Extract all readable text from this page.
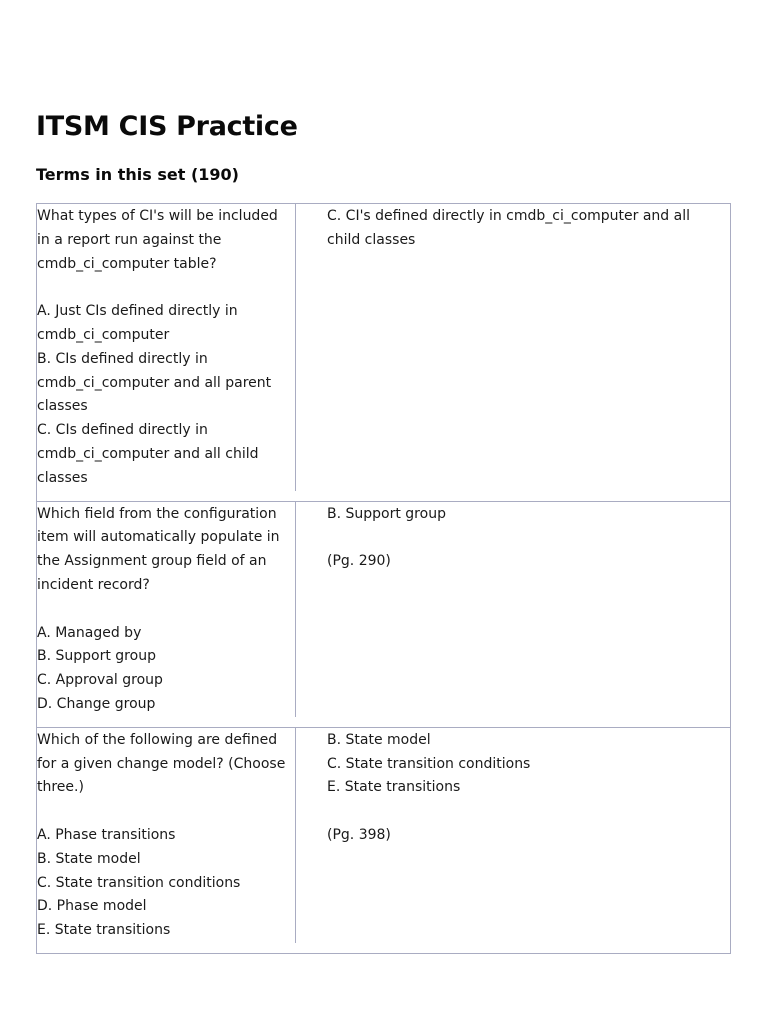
ITSM CIS Practice
Terms in this set (190)
What types of CI's will be included in a report run against the cmdb_ci_computer table?

A. Just CIs defined directly in cmdb_ci_computer
B. CIs defined directly in cmdb_ci_computer and all parent classes
C. CIs defined directly in cmdb_ci_computer and all child classes
C. CI's defined directly in cmdb_ci_computer and all child classes
Which field from the configuration item will automatically populate in the Assignment group field of an incident record?

A. Managed by
B. Support group
C. Approval group
D. Change group
B. Support group

(Pg. 290)
Which of the following are defined for a given change model? (Choose three.)

A. Phase transitions
B. State model
C. State transition conditions
D. Phase model
E. State transitions
B. State model
C. State transition conditions
E. State transitions

(Pg. 398)
